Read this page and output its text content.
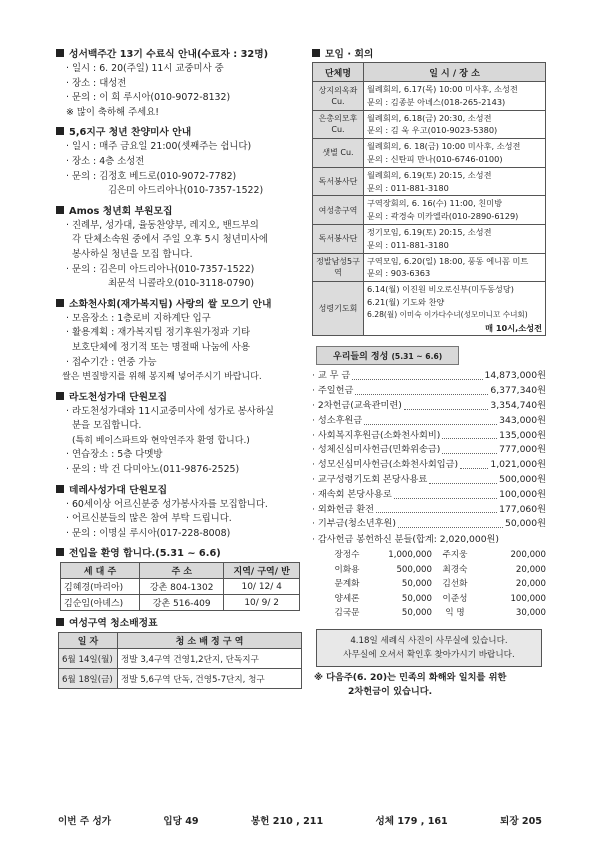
성서백주간 13기 수료식 안내(수료자 : 32명)
· 일시 : 6. 20(주일) 11시 교중미사 중
· 장소 : 대성전
· 문의 : 이 희 루시아(010-9072-8132)
※ 많이 축하해 주세요!
5,6지구 청년 찬양미사 안내
· 일시 : 매주 금요일 21:00(셋째주는 쉽니다)
· 장소 : 4층 소성전
· 문의 : 김정호 베드로(010-9072-7782)
김은미 아드리아나(010-7357-1522)
Amos 청년회 부원모집
· 진례부, 성가대, 율동찬양부, 레지오, 밴드부의
각 단체소속원 중에서 주일 오후 5시 청년미사에
봉사하실 청년을 모집 합니다.
· 문의 : 김은미 아드리아나(010-7357-1522)
최문석 니콜라오(010-3118-0790)
소화천사회(재가복지팀) 사랑의 쌀 모으기 안내
· 모음장소 : 1층로비 지하계단 입구
· 활용계획 : 재가복지팀 정기후원가정과 기타
보호단체에 정기적 또는 명절때 나눔에 사용
· 접수기간 : 연중 가능
쌀은 변질방지를 위해 봉지째 넣어주시기 바랍니다.
라도천성가대 단원모집
· 라도천성가대와 11시교중미사에 성가로 봉사하실
분을 모집합니다.
(특히 베이스파트와 현악연주자 환영 합니다.)
· 연습장소 : 5층 다멧방
· 문의 : 박 건 다미아노(011-9876-2525)
데레사성가대 단원모집
· 60세이상 어르신분중 성가봉사자를 모집합니다.
· 어르신분들의 많은 참여 부탁 드립니다.
· 문의 : 이명실 루시아(017-228-8008)
전입을 환영 합니다.(5.31 ~ 6.6)
세 대 주	주 소	지역/ 구역/ 반
김혜경(마리아)	강촌 804-1302	10/ 12/ 4
김순임(아녜스)	강촌 516-409	10/ 9/ 2
여성구역 청소배정표
일 자	청 소 배 정 구 역
6월 14일(월)	정발 3,4구역 건영1,2단지, 단독지구
6월 18일(금)	정발 5,6구역 단독, 건영5-7단지, 청구
모임 · 회의
단체명	일 시 / 장 소
상지의옥좌Cu.	월례회의, 6.17(목) 10:00 미사후, 소성전
문의 : 김종분 아녜스(018-265-2143)

은총의모후Cu.	월례회의, 6.18(금) 20:30, 소성전
문의 : 김 욱 우고(010-9023-5380)

샛별 Cu.	월례회의, 6. 18(금) 10:00 미사후, 소성전
문의 : 신탄피 만나(010-6746-0100)

독서봉사단	월례회의, 6.19(토) 20:15, 소성전
문의 : 011-881-3180

여성총구역	구역장회의, 6. 16(수) 11:00, 친미방
문의 : 곽경숙 미카엘라(010-2890-6129)

독서봉사단	정기모임, 6.19(토) 20:15, 소성전
문의 : 011-881-3180

정발남성5구역	구역모임, 6.20(일) 18:00, 풍동 에니꼼 미트
문의 : 903-6363

성령기도회	6.14(월) 이진원 비오로신부(미두동성당)
6.21(월) 기도와 찬양
6.28(월) 이미숙 이가다수녀(성모미니꼬 수녀회)
매 10시,소성전
우리들의 정성 (5.31 ~ 6.6)
· 교 무 금	14,873,000원
· 주일헌금	6,377,340원
· 2차헌금(교육관미련)	3,354,740원
· 성소후원금	343,000원
· 사회복지후원금(소화천사회비)	135,000원
· 성체신심미사헌금(민화위송금)	777,000원
· 성모신심미사헌금(소화천사회입금)	1,021,000원
· 교구성령기도회 본당사용료	500,000원
· 재속회 본당사용로	100,000원
· 외화헌금 환전	177,060원
· 기부금(청소년후원)	50,000원
· 감사헌금 봉헌하신 분들(합계: 2,020,000원)
장정수	1,000,000	주지웅	200,000
이화용	500,000	최경숙	20,000
문계화	50,000	김선화	20,000
양세론	50,000	이준성	100,000
김국문	50,000	익 명	30,000
4.18일 세례식 사진이 사무실에 있습니다.
사무실에 오셔서 확인후 찾아가시기 바랍니다.
※ 다음주(6. 20)는 민족의 화해와 일치를 위한
2차헌금이 있습니다.
이번 주 성가	입당 49	봉헌 210 , 211	성체 179 , 161	퇴장 205
